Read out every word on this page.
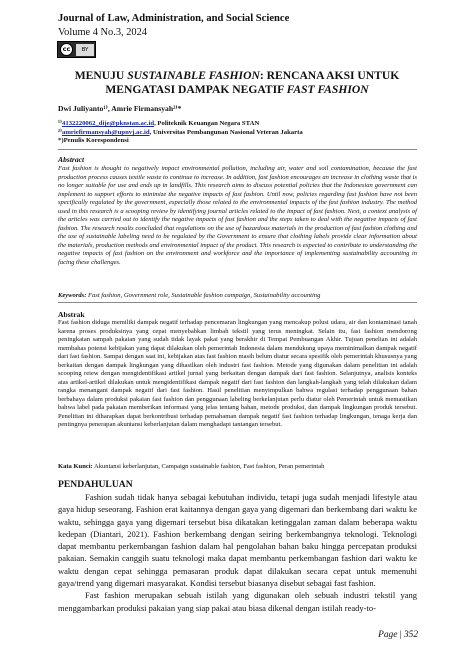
Journal of Law, Administration, and Social Science
Volume 4 No.3, 2024
cc	BY
MENUJU SUSTAINABLE FASHION: RENCANA AKSI UNTUK
MENGATASI DAMPAK NEGATIF FAST FASHION
Dwi Juliyanto¹⁾, Amrie Firmansyah²⁾*
¹⁾4132220062_dije@pknstan.ac.id, Politeknik Keuangan Negara STAN
²⁾amriefirmansyah@upnvj.ac.id, Universitas Pembangunan Nasional Veteran Jakarta
*)Penulis Korespondensi
Abstract

Fast fashion is thought to negatively impact environmental pollution, including air, water and soil contamination, because the fast production process causes textile waste to continue to increase. In addition, fast fashion encourages an increase in clothing waste that is no longer suitable for use and ends up in landfills. This research aims to discuss potential policies that the Indonesian government can implement to support efforts to minimize the negative impacts of fast fashion. Until now, policies regarding fast fashion have not been specifically regulated by the government, especially those related to the environmental impacts of the fast fashion industry. The method used in this research is a scooping review by identifying journal articles related to the impact of fast fashion. Next, a context analysis of the articles was carried out to identify the negative impacts of fast fashion and the steps taken to deal with the negative impacts of fast fashion. The research results concluded that regulations on the use of hazardous materials in the production of fast fashion clothing and the use of sustainable labeling need to be regulated by the Government to ensure that clothing labels provide clear information about the materials, production methods and environmental impact of the product. This research is expected to contribute to understanding the negative impacts of fast fashion on the environment and workforce and the importance of implementing sustainability accounting in facing these challenges.

Keywords: Fast fashion, Government role, Sustainable fashion campaign, Sustainability accounting
Abstrak
Fast fashion diduga memiliki dampak negatif terhadap pencemaran lingkungan yang mencakup polusi udara, air dan kontaminasi tanah karena proses produksinya yang cepat menyebabkan limbah tekstil yang terus meningkat. Selain itu, fast fashion mendorong peningkatan sampah pakaian yang sudah tidak layak pakai yang berakhir di Tempat Pembuangan Akhir. Tujuan penelian ini adalah membahas potensi kebijakan yang dapat dilakukan oleh pemerintah Indonesia dalam mendukung upaya meminimalkan dampak negatif dari fast fashion. Sampai dengan saat ini, kebijakan atas fast fashion masih belum diatur secara spesifik oleh pemerintah khususnya yang berkaitan dengan dampak lingkungan yang dihasilkan oleh industri fast fashion. Metode yang digunakan dalam penelitian ini adalah scooping reiew dengan mengidentifikasi artikel jurnal yang berkaitan dengan dampak dari fast fashion. Selanjutnya, analisis konteks atas artikel-artikel dilakukan untuk mengidentifikasi dampak negatif dari fast fashion dan langkah-langkah yang telah dilakukan dalam rangka menangani dampak negatif dari fast fashion. Hasil penelitian menyimpulkan bahwa regulasi terhadap penggunaan bahan berbahaya dalam produksi pakaian fast fashion dan penggunaan labeling berkelanjutan perlu diatur oleh Pemerintah untuk memastikan bahwa label pada pakaian memberikan informasi yang jelas tentang bahan, metode produksi, dan dampak lingkungan produk tersebut. Penelitian ini diharapkan dapat berkontribusi terhadap pemahaman dampak negatif fast fashion terhadap lingkungan, tenaga kerja dan pentingnya penerapan akuntansi keberlanjutan dalam menghadapi tantangan tersebut.
Kata Kunci: Akuntansi keberlanjutan, Campaign sustainable fashion, Fast fashion, Peran pemerintah
PENDAHULUAN

Fashion sudah tidak hanya sebagai kebutuhan individu, tetapi juga sudah menjadi lifestyle atau gaya hidup seseorang. Fashion erat kaitannya dengan gaya yang digemari dan berkembang dari waktu ke waktu, sehingga gaya yang digemari tersebut bisa dikatakan ketinggalan zaman dalam beberapa waktu kedepan (Diantari, 2021). Fashion berkembang dengan seiring berkembangnya teknologi. Teknologi dapat membantu perkembangan fashion dalam hal pengolahan bahan baku hingga percepatan produksi pakaian. Semakin canggih suatu teknologi maka dapat membantu perkembangan fashion dari waktu ke waktu dengan cepat sehingga pemasaran produk dapat dilakukan secara cepat untuk memenuhi gaya/trend yang digemari masyarakat. Kondisi tersebut biasanya disebut sebagai fast fashion.

Fast fashion merupakan sebuah istilah yang digunakan oleh sebuah industri tekstil yang menggambarkan produksi pakaian yang siap pakai atau biasa dikenal dengan istilah ready-to-

Page | 352
